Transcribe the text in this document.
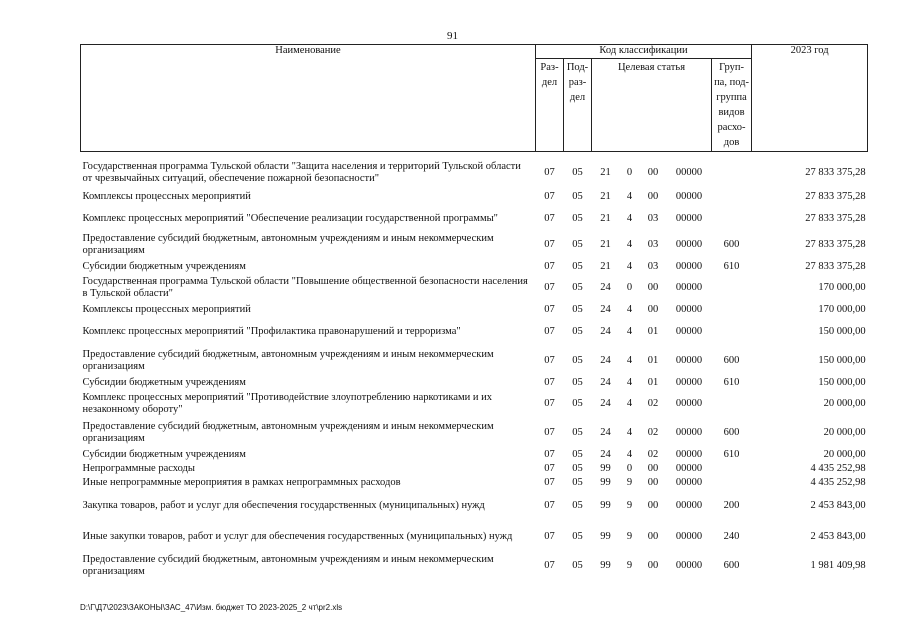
91
Наименование	Код классификации							2023 год
	Раз-дел	Под-раз-дел	Целевая статья				Груп-па, под-группа видов расхо-дов	
Государственная программа Тульской области "Защита населения и территорий Тульской области от чрезвычайных ситуаций, обеспечение пожарной безопасности"	07	05	21	0	00	00000		27 833 375,28
Комплексы процессных мероприятий	07	05	21	4	00	00000		27 833 375,28
Комплекс процессных мероприятий "Обеспечение реализации государственной программы"	07	05	21	4	03	00000		27 833 375,28
Предоставление субсидий бюджетным, автономным учреждениям и иным некоммерческим организациям	07	05	21	4	03	00000	600	27 833 375,28
Субсидии бюджетным учреждениям	07	05	21	4	03	00000	610	27 833 375,28
Государственная программа Тульской области "Повышение общественной безопасности населения в Тульской области"	07	05	24	0	00	00000		170 000,00
Комплексы процессных мероприятий	07	05	24	4	00	00000		170 000,00
Комплекс процессных мероприятий "Профилактика правонарушений и терроризма"	07	05	24	4	01	00000		150 000,00
Предоставление субсидий бюджетным, автономным учреждениям и иным некоммерческим организациям	07	05	24	4	01	00000	600	150 000,00
Субсидии бюджетным учреждениям	07	05	24	4	01	00000	610	150 000,00
Комплекс процессных мероприятий "Противодействие злоупотреблению наркотиками и их незаконному обороту"	07	05	24	4	02	00000		20 000,00
Предоставление субсидий бюджетным, автономным учреждениям и иным некоммерческим организациям	07	05	24	4	02	00000	600	20 000,00
Субсидии бюджетным учреждениям	07	05	24	4	02	00000	610	20 000,00
Непрограммные расходы	07	05	99	0	00	00000		4 435 252,98
Иные непрограммные мероприятия в рамках непрограммных расходов	07	05	99	9	00	00000		4 435 252,98
Закупка товаров, работ и услуг для обеспечения государственных (муниципальных) нужд	07	05	99	9	00	00000	200	2 453 843,00
Иные закупки товаров, работ и услуг для обеспечения государственных (муниципальных) нужд	07	05	99	9	00	00000	240	2 453 843,00
Предоставление субсидий бюджетным, автономным учреждениям и иным некоммерческим организациям	07	05	99	9	00	00000	600	1 981 409,98
D:\Г\Д7\2023\ЗАКОНЫ\ЗАС_47\Изм. бюджет ТО 2023-2025_2 чт\pr2.xls
